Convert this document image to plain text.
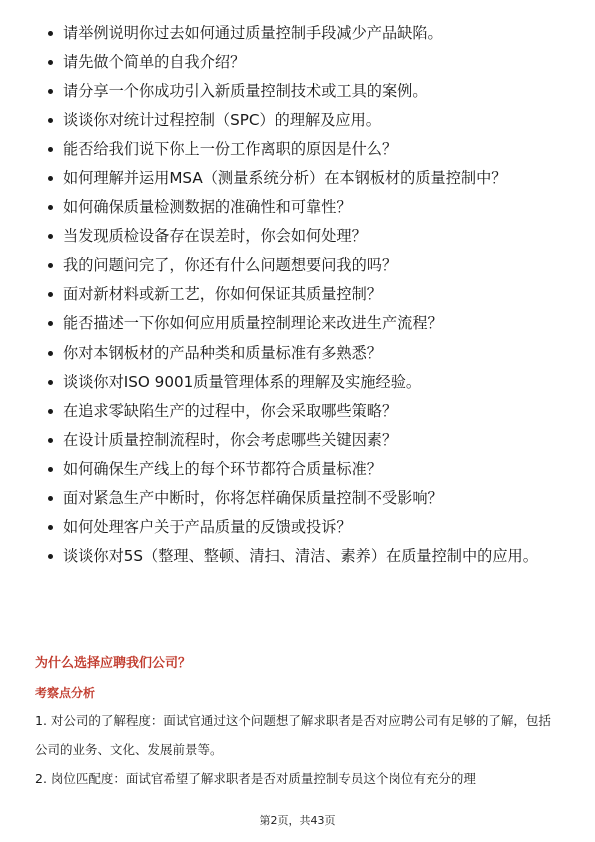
请举例说明你过去如何通过质量控制手段减少产品缺陷。
请先做个简单的自我介绍？
请分享一个你成功引入新质量控制技术或工具的案例。
谈谈你对统计过程控制（SPC）的理解及应用。
能否给我们说下你上一份工作离职的原因是什么？
如何理解并运用MSA（测量系统分析）在本钢板材的质量控制中？
如何确保质量检测数据的准确性和可靠性？
当发现质检设备存在误差时，你会如何处理？
我的问题问完了，你还有什么问题想要问我的吗？
面对新材料或新工艺，你如何保证其质量控制？
能否描述一下你如何应用质量控制理论来改进生产流程？
你对本钢板材的产品种类和质量标准有多熟悉？
谈谈你对ISO 9001质量管理体系的理解及实施经验。
在追求零缺陷生产的过程中，你会采取哪些策略？
在设计质量控制流程时，你会考虑哪些关键因素？
如何确保生产线上的每个环节都符合质量标准？
面对紧急生产中断时，你将怎样确保质量控制不受影响？
如何处理客户关于产品质量的反馈或投诉？
谈谈你对5S（整理、整顿、清扫、清洁、素养）在质量控制中的应用。
为什么选择应聘我们公司？
考察点分析
1. 对公司的了解程度：面试官通过这个问题想了解求职者是否对应聘公司有足够的了解，包括公司的业务、文化、发展前景等。
2. 岗位匹配度：面试官希望了解求职者是否对质量控制专员这个岗位有充分的理
第2页，共43页
